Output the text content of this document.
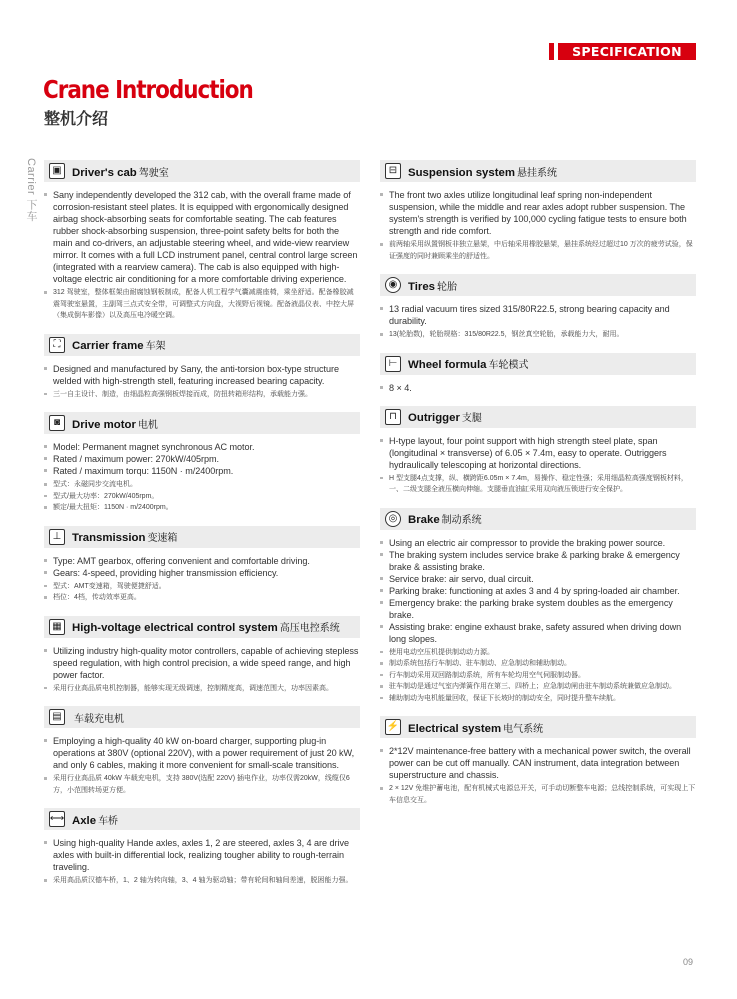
SPECIFICATION
Crane Introduction
整机介绍
Carrier 下车	▣ Driver's cab 驾驶室
Sany independently developed the 312 cab, with the overall frame made of corrosion-resistant steel plates. It is equipped with ergonomically designed airbag shock-absorbing seats for comfortable seating. The cab features rubber shock-absorbing suspension, three-point safety belts for both the main and co-drivers, an adjustable steering wheel, and wide-view rearview mirror. It comes with a full LCD instrument panel, central control large screen (integrated with a rearview camera). The cab is also equipped with high-voltage electric air conditioning for a more comfortable driving experience.
312 驾驶室，整体框架由耐腐蚀钢板制成，配备人机工程学气囊减震座椅，乘坐舒适。配备橡胶减震驾驶室悬置，主副驾三点式安全带，可调整式方向盘，大视野后视镜。配备液晶仪表、中控大屏（集成倒车影像）以及高压电冷暖空调。
⛶	Carrier frame 车架
Designed and manufactured by Sany, the anti-torsion box-type structure welded with high-strength stell, featuring increased bearing capacity.
三一自主设计、制造，由细晶粒高强钢板焊接而成，防扭转箱形结构，承载能力强。
◙	Drive motor 电机
Model: Permanent magnet synchronous AC motor.
Rated / maximum power: 270kW/405rpm.
Rated / maximum torqu: 1150N · m/2400rpm.
型式：永磁同步交流电机。
型式/最大功率：270kW/405rpm。
额定/最大扭矩：1150N · m/2400rpm。
⊥ Transmission 变速箱
Type: AMT gearbox, offering convenient and comfortable driving.
Gears: 4-speed, providing higher transmission efficiency.
型式：AMT变速箱，驾驶便捷舒适。
档位：4档，传动效率更高。
▦ High-voltage electrical control system 高压电控系统
Utilizing industry high-quality motor controllers, capable of achieving stepless speed regulation, with high control precision, a wide speed range, and high power factor.
采用行业高品质电机控制器，能够实现无级调速，控制精度高，调速范围大，功率因素高。
▤	车载充电机
Employing a high-quality 40 kW on-board charger, supporting plug-in operations at 380V (optional 220V), with a power requirement of just 20 kW, and only 6 cables, making it more convenient for small-scale transitions.
采用行业高品质 40kW 车载充电机，支持 380V(选配 220V) 插电作业，功率仅需20kW，线缆仅6方，小范围转场更方便。
⟷ Axle 车桥
Using high-quality Hande axles, axles 1, 2 are steered, axles 3, 4 are drive axles with built-in differential lock, realizing tougher ability to rough-terrain traveling.
采用高品质汉德车桥，1、2 轴为转向轴，3、4 轴为驱动轴；带有轮间和轴间差速，脱困能力强。
⊟ Suspension system 悬挂系统
The front two axles utilize longitudinal leaf spring non-independent suspension, while the middle and rear axles adopt rubber suspension. The system's strength is verified by 100,000 cycling fatigue tests to ensure both strength and ride comfort.
前两轴采用纵置钢板非独立悬架，中后轴采用橡胶悬架，悬挂系统经过超过10 万次的疲劳试验，保证强度的同时兼顾乘坐的舒适性。
◉ Tires 轮胎
13 radial vacuum tires sized 315/80R22.5, strong bearing capacity and durability.
13(轮胎数)，轮胎规格：315/80R22.5，钢丝真空轮胎，承载能力大，耐用。
⊢ Wheel formula 车轮模式
8 × 4.
⊓ Outrigger 支腿
H-type layout, four point support with high strength steel plate, span (longitudinal × transverse) of 6.05 × 7.4m, easy to operate. Outriggers hydraulically telescoping at horizontal directions.
H 型支腿4点支撑，纵、横跨距6.05m × 7.4m，易操作、稳定性强；采用细晶粒高强度钢板材料，一、二级支腿全液压横向伸缩。支腿垂直油缸采用双向液压锁进行安全保护。
◎ Brake 制动系统
Using an electric air compressor to provide the braking power source.
The braking system includes service brake & parking brake & emergency brake & assisting brake.
Service brake: air servo, dual circuit.
Parking brake: functioning at axles 3 and 4 by spring-loaded air chamber.
Emergency brake: the parking brake system doubles as the emergency brake.
Assisting brake: engine exhaust brake, safety assured when driving down long slopes.
使用电动空压机提供制动动力源。
制动系统包括行车制动、驻车制动、应急制动和辅助制动。
行车制动采用双回路制动系统，所有车轮均用空气伺服制动器。
驻车制动是通过气室内弹簧作用在第三、四桥上；应急制动闸由驻车制动系统兼做应急制动。
辅助制动为电机能量回收，保证下长坡时的制动安全，同时提升整车续航。
⚡ Electrical system 电气系统
2*12V maintenance-free battery with a mechanical power switch, the overall power can be cut off manually. CAN instrument, data integration between superstructure and chassis.
2 × 12V 免维护蓄电池，配有机械式电源总开关，可手动切断整车电源；总线控制系统，可实现上下车信息交互。
09
